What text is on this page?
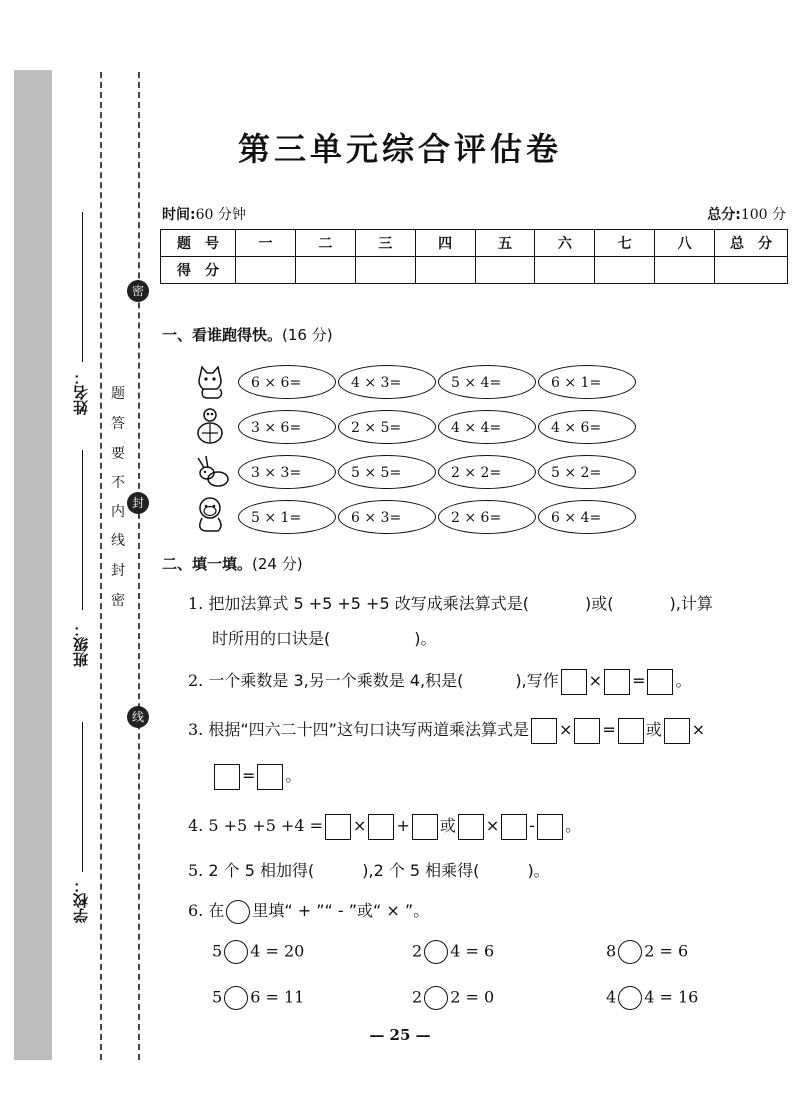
姓名：
班级：
学校：
密
封
线
密
封
线
内
不
要
答
题
第三单元综合评估卷
时间:60 分钟	总分:100 分
题　号	一	二	三	四	五	六	七	八	总　分
得　分									
一、看谁跑得快。(16 分)
6 × 6=	4 × 3=	5 × 4=	6 × 1=
3 × 6=	2 × 5=	4 × 4=	4 × 6=
3 × 3=	5 × 5=	2 × 2=	5 × 2=
5 × 1=	6 × 3=	2 × 6=	6 × 4=
二、填一填。(24 分)
1. 把加法算式 5 +5 +5 +5 改写成乘法算式是(	)或(	),计算
时所用的口诀是(	)。
2. 一个乘数是 3,另一个乘数是 4,积是(	),写作 × = 。
3. 根据“四六二十四”这句口诀写两道乘法算式是 × = 或 ×
= 。
4. 5 +5 +5 +4 = × + 或 × - 。
5. 2 个 5 相加得(	),2 个 5 相乘得(	)。
6. 在 里填“ + ”“ - ”或“ × ”。
5 4 = 20	2 4 = 6	8 2 = 6
5 6 = 11	2 2 = 0	4 4 = 16
— 25 —
